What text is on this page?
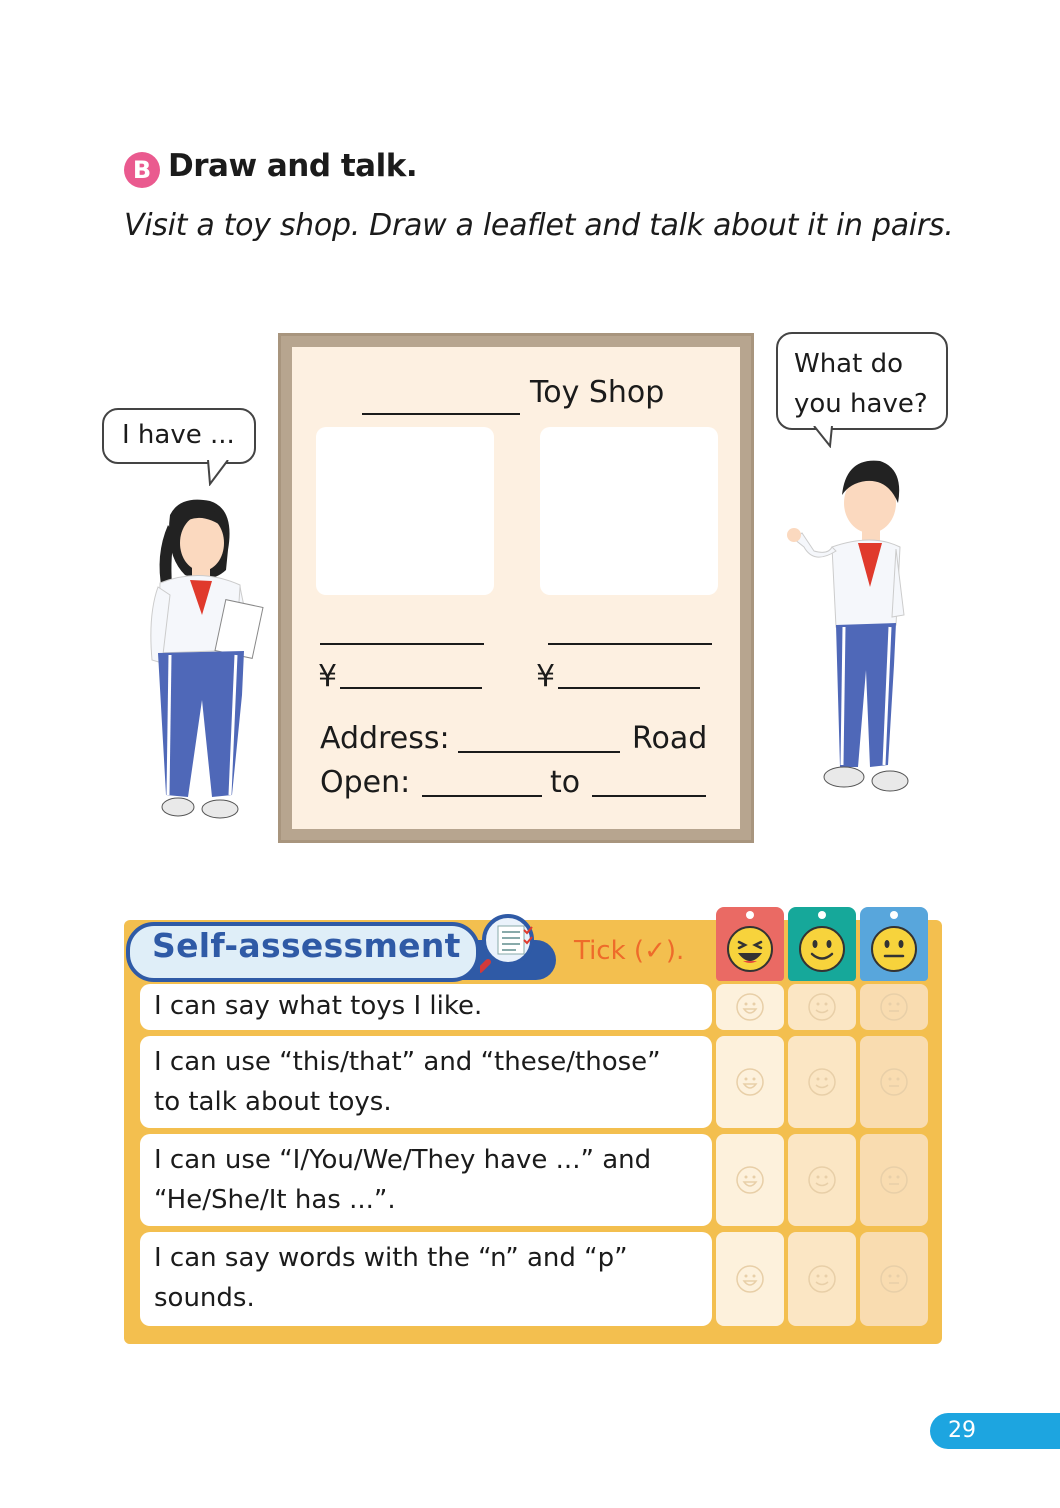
B Draw and talk.
Visit a toy shop. Draw a leaflet and talk about it in pairs.
I have ...
What do
you have?
Toy Shop
¥	¥
Address:	Road
Open:	to
Self-assessment	Tick (✓).
I can say what toys I like.
I can use “this/that” and “these/those”
to talk about toys.
I can use “I/You/We/They have ...” and
“He/She/It has ...”.
I can say words with the “n” and “p”
sounds.
29
